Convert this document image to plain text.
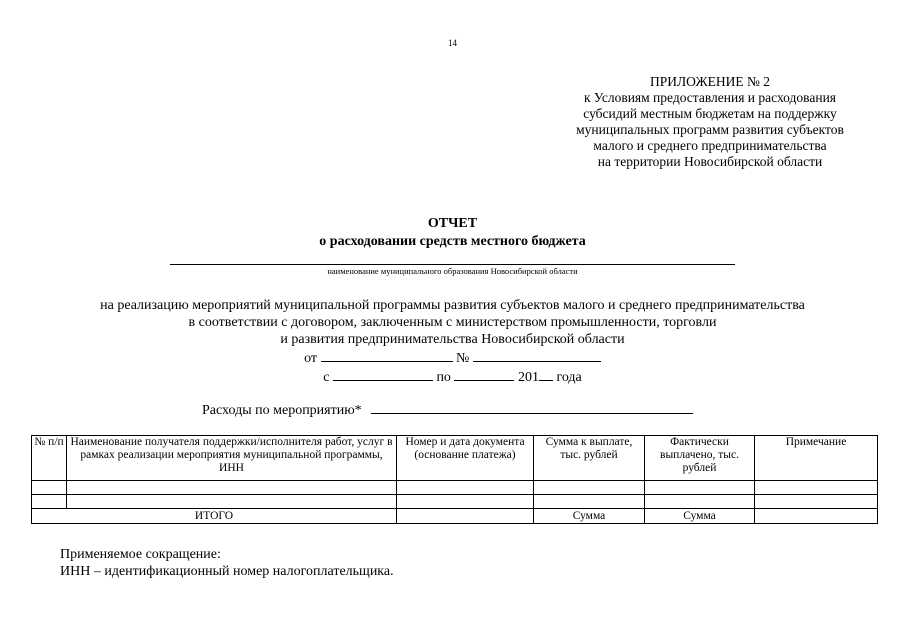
14
ПРИЛОЖЕНИЕ № 2
к Условиям предоставления и расходования
субсидий местным бюджетам на поддержку
муниципальных программ развития субъектов
малого и среднего предпринимательства
на территории Новосибирской области
ОТЧЕТ
о расходовании средств местного бюджета
наименование муниципального образования Новосибирской области
на реализацию мероприятий муниципальной программы развития субъектов малого и среднего предпринимательства
в соответствии с договором, заключенным с министерством промышленности, торговли
и развития предпринимательства Новосибирской области
от	№
с	по	201 года
Расходы по мероприятию*
№ п/п	Наименование получателя поддержки/исполнителя работ, услуг в рамках реализации мероприятия муниципальной программы, ИНН	Номер и дата документа (основание платежа)	Сумма к выплате, тыс. рублей	Фактически выплачено, тыс. рублей	Примечание

ИТОГО			Сумма	Сумма	
Применяемое сокращение:
ИНН – идентификационный номер налогоплательщика.
